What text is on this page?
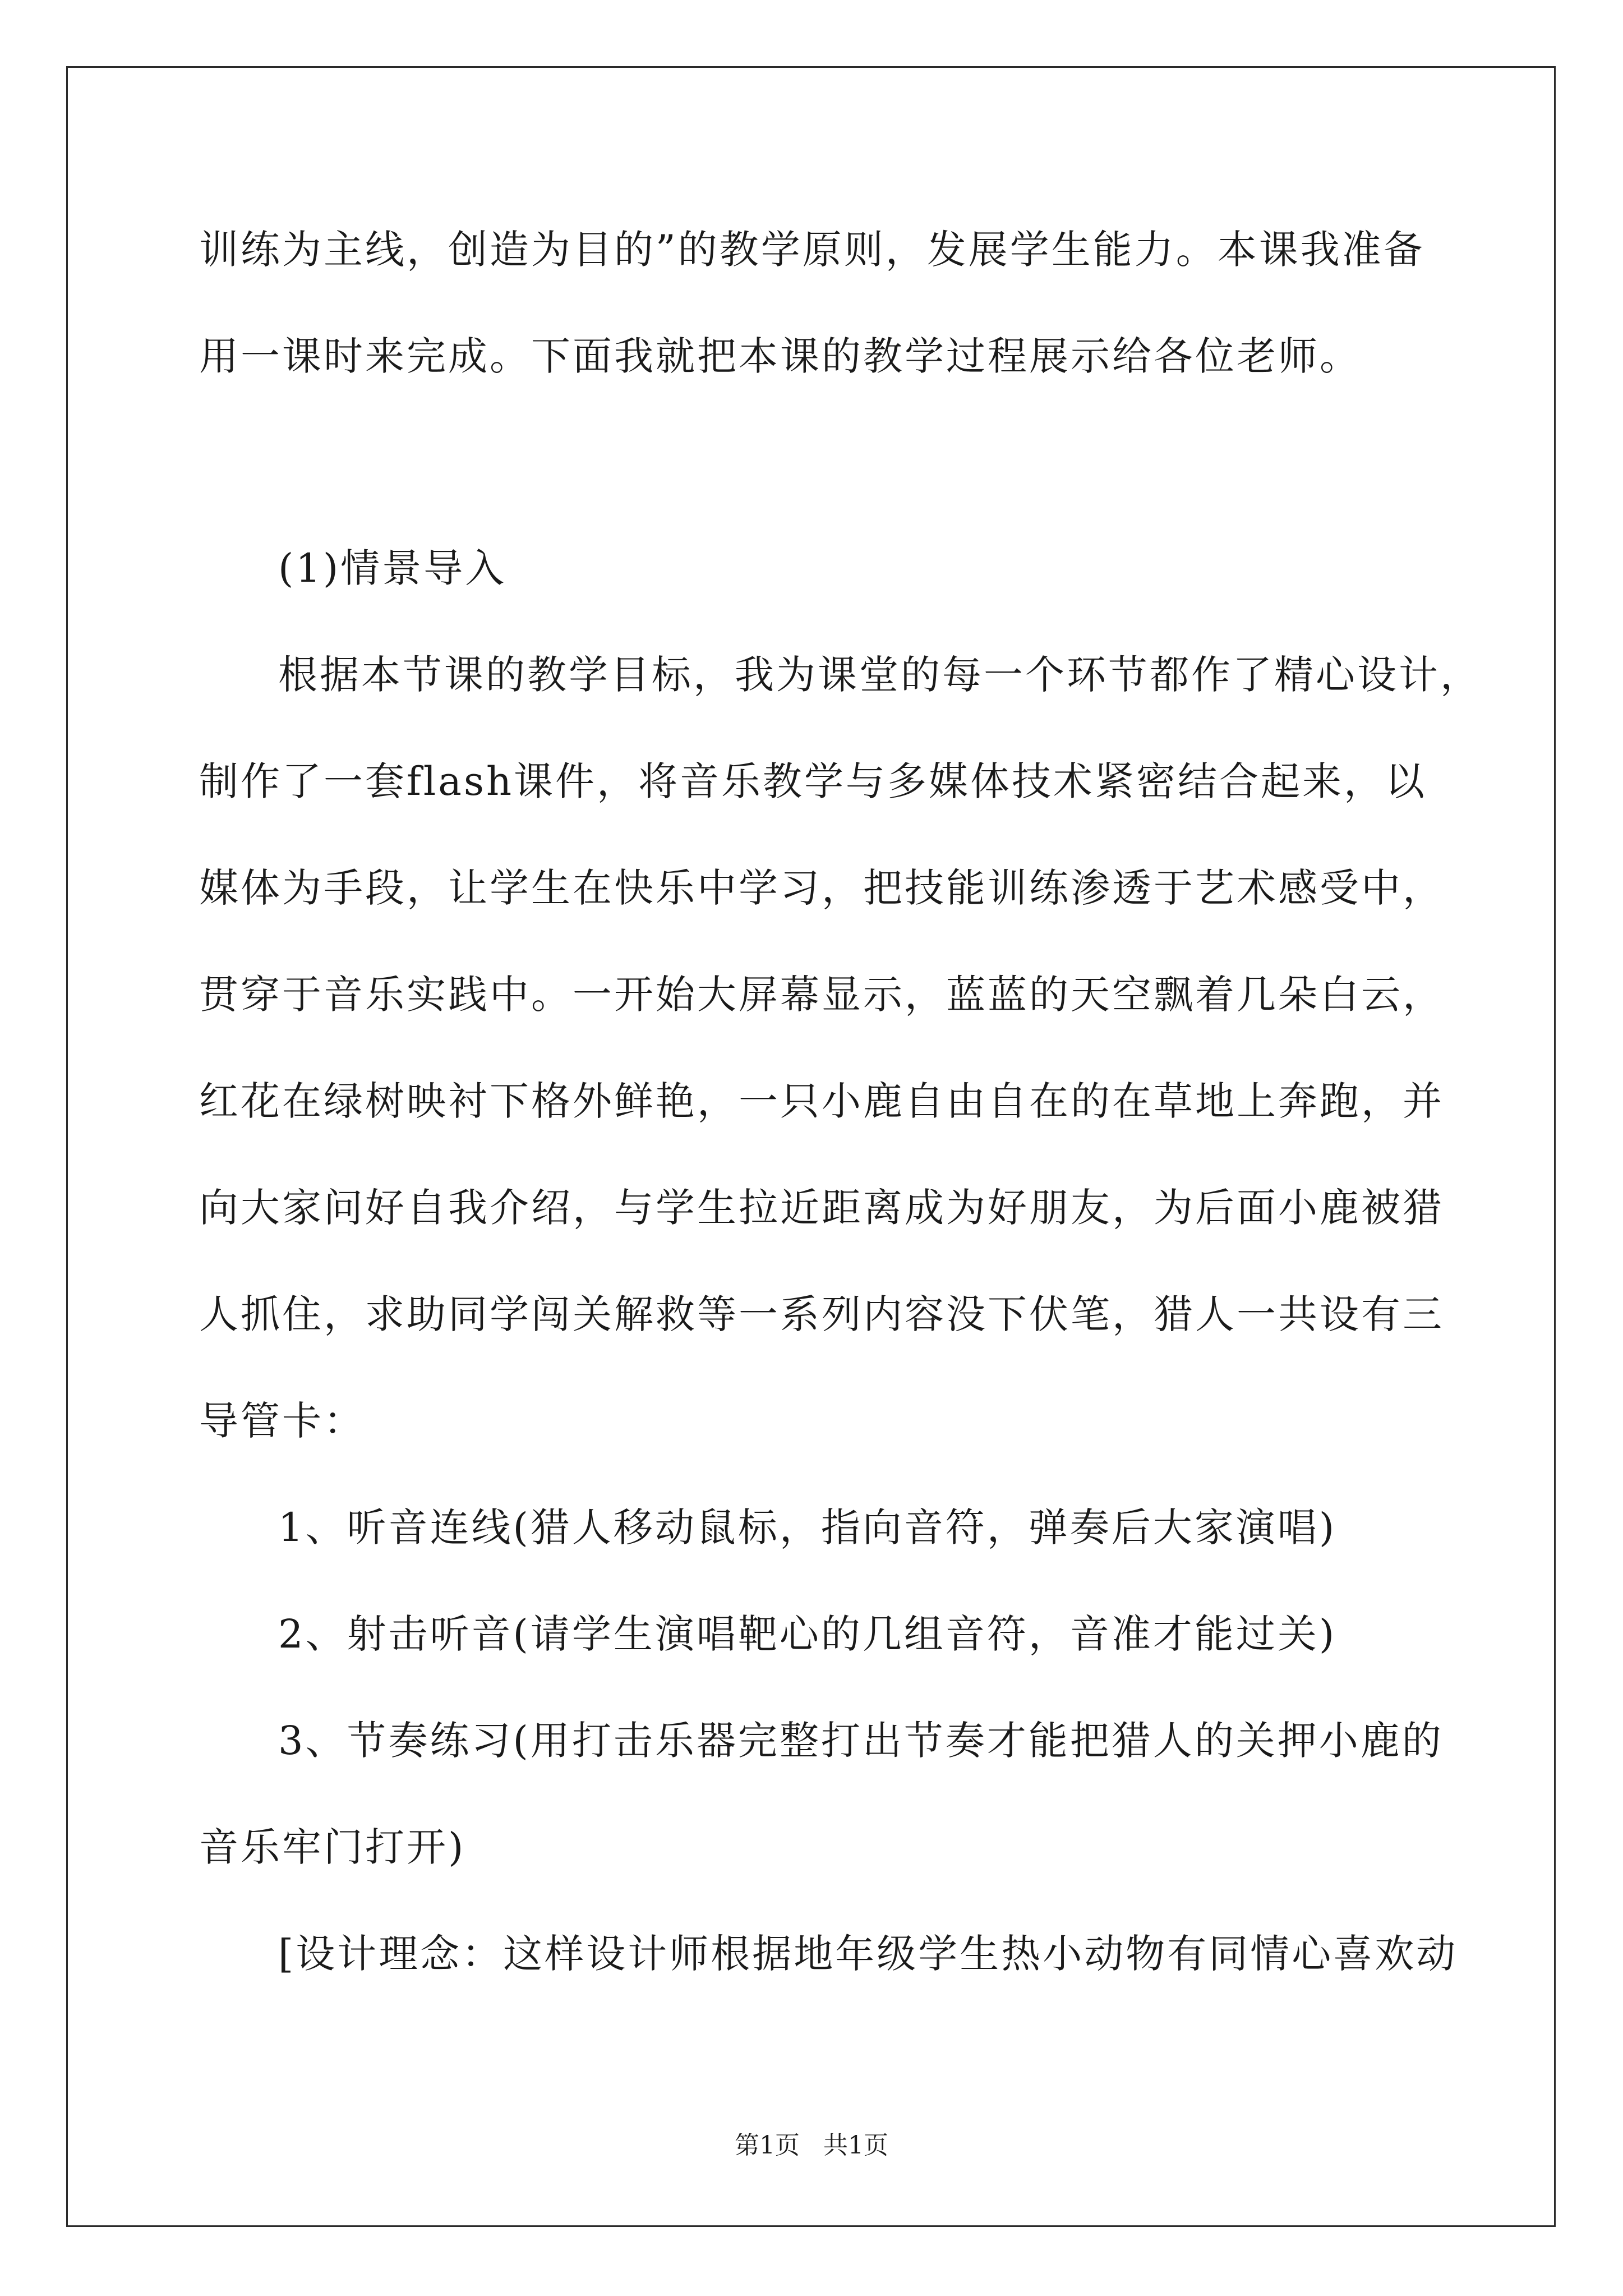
训练为主线，创造为目的”的教学原则，发展学生能力。本课我准备

用一课时来完成。下面我就把本课的教学过程展示给各位老师。

(1)情景导入

根据本节课的教学目标，我为课堂的每一个环节都作了精心设计，

制作了一套flash课件，将音乐教学与多媒体技术紧密结合起来，以

媒体为手段，让学生在快乐中学习，把技能训练渗透于艺术感受中，

贯穿于音乐实践中。一开始大屏幕显示，蓝蓝的天空飘着几朵白云，

红花在绿树映衬下格外鲜艳，一只小鹿自由自在的在草地上奔跑，并

向大家问好自我介绍，与学生拉近距离成为好朋友，为后面小鹿被猎

人抓住，求助同学闯关解救等一系列内容没下伏笔，猎人一共设有三

导管卡：

1、听音连线(猎人移动鼠标，指向音符，弹奏后大家演唱)

2、射击听音(请学生演唱靶心的几组音符，音准才能过关)

3、节奏练习(用打击乐器完整打出节奏才能把猎人的关押小鹿的

音乐牢门打开)

[设计理念：这样设计师根据地年级学生热小动物有同情心喜欢动

第1页   共1页
